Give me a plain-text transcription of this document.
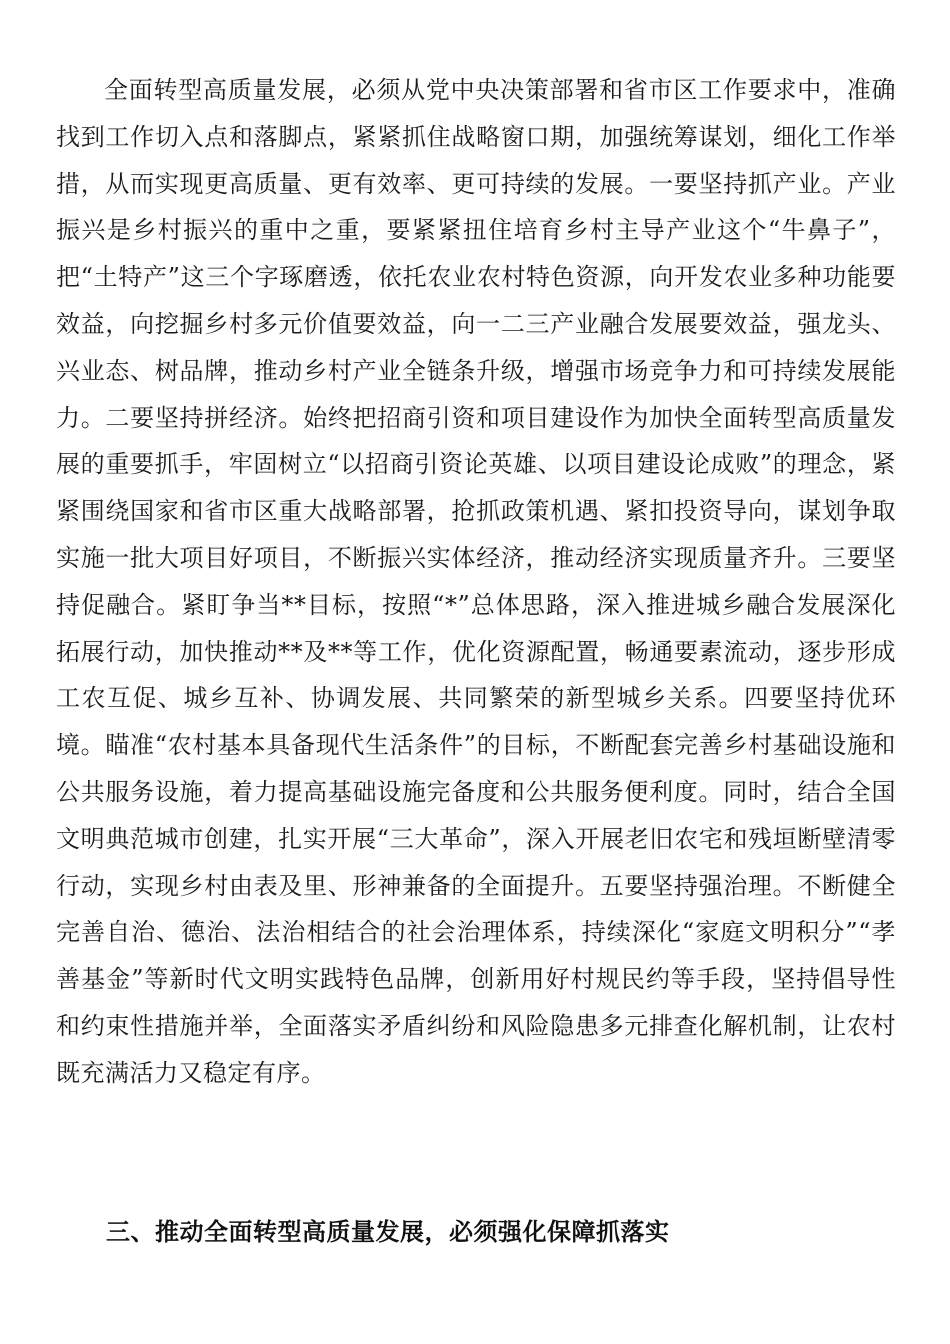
全面转型高质量发展，必须从党中央决策部署和省市区工作要求中，准确找到工作切入点和落脚点，紧紧抓住战略窗口期，加强统筹谋划，细化工作举措，从而实现更高质量、更有效率、更可持续的发展。一要坚持抓产业。产业振兴是乡村振兴的重中之重，要紧紧扭住培育乡村主导产业这个“牛鼻子”，把“土特产”这三个字琢磨透，依托农业农村特色资源，向开发农业多种功能要效益，向挖掘乡村多元价值要效益，向一二三产业融合发展要效益，强龙头、兴业态、树品牌，推动乡村产业全链条升级，增强市场竞争力和可持续发展能力。二要坚持拼经济。始终把招商引资和项目建设作为加快全面转型高质量发展的重要抓手，牢固树立“以招商引资论英雄、以项目建设论成败”的理念，紧紧围绕国家和省市区重大战略部署，抢抓政策机遇、紧扣投资导向，谋划争取实施一批大项目好项目，不断振兴实体经济，推动经济实现质量齐升。三要坚持促融合。紧盯争当**目标，按照“*”总体思路，深入推进城乡融合发展深化拓展行动，加快推动**及**等工作，优化资源配置，畅通要素流动，逐步形成工农互促、城乡互补、协调发展、共同繁荣的新型城乡关系。四要坚持优环境。瞄准“农村基本具备现代生活条件”的目标，不断配套完善乡村基础设施和公共服务设施，着力提高基础设施完备度和公共服务便利度。同时，结合全国文明典范城市创建，扎实开展“三大革命”，深入开展老旧农宅和残垣断壁清零行动，实现乡村由表及里、形神兼备的全面提升。五要坚持强治理。不断健全完善自治、德治、法治相结合的社会治理体系，持续深化“家庭文明积分”“孝善基金”等新时代文明实践特色品牌，创新用好村规民约等手段，坚持倡导性和约束性措施并举，全面落实矛盾纠纷和风险隐患多元排查化解机制，让农村既充满活力又稳定有序。

三、推动全面转型高质量发展，必须强化保障抓落实
